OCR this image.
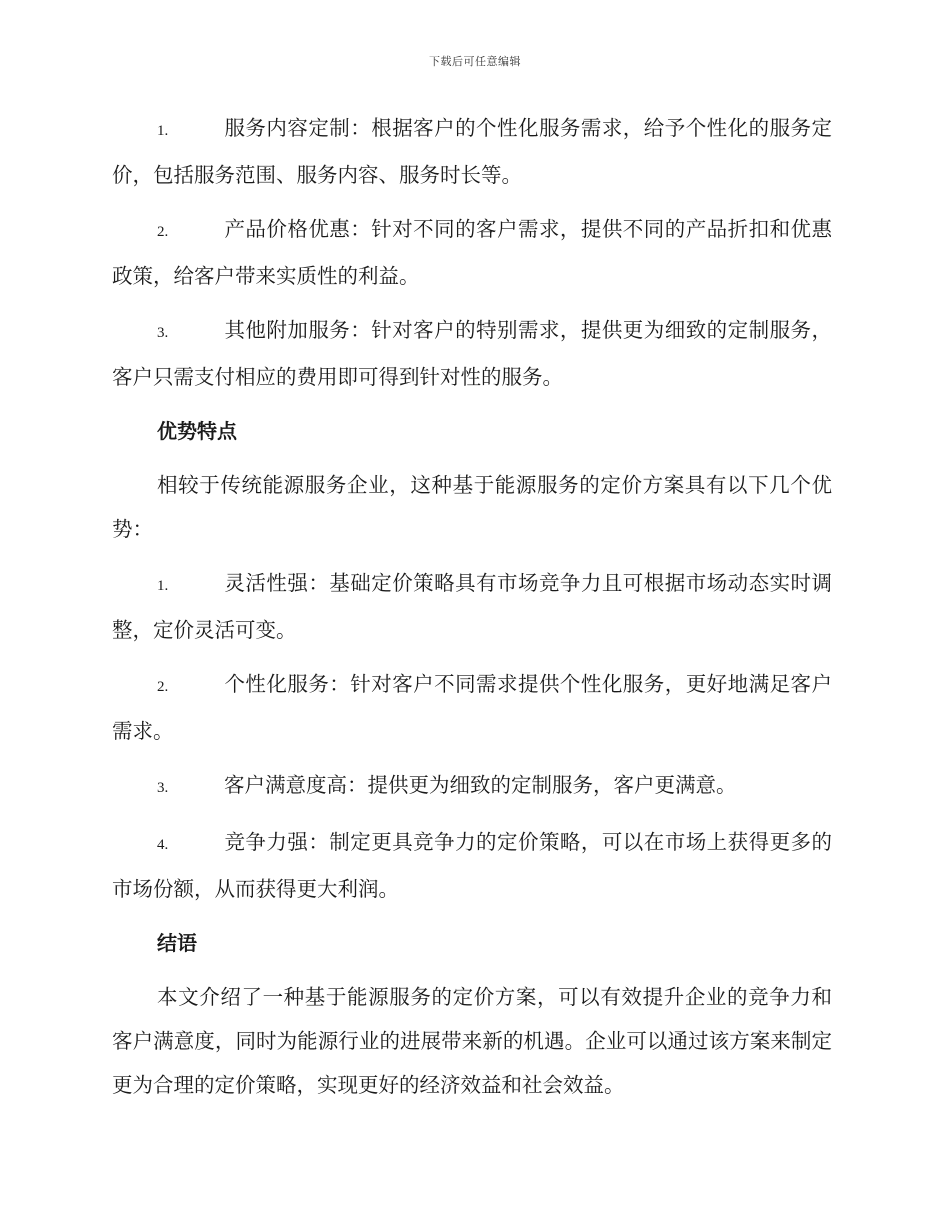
下载后可任意编辑

1.	服务内容定制：根据客户的个性化服务需求，给予个性化的服务定价，包括服务范围、服务内容、服务时长等。

2.	产品价格优惠：针对不同的客户需求，提供不同的产品折扣和优惠政策，给客户带来实质性的利益。

3.	其他附加服务：针对客户的特别需求，提供更为细致的定制服务，客户只需支付相应的费用即可得到针对性的服务。

优势特点

相较于传统能源服务企业，这种基于能源服务的定价方案具有以下几个优势：

1.	灵活性强：基础定价策略具有市场竞争力且可根据市场动态实时调整，定价灵活可变。

2.	个性化服务：针对客户不同需求提供个性化服务，更好地满足客户需求。

3.	客户满意度高：提供更为细致的定制服务，客户更满意。

4.	竞争力强：制定更具竞争力的定价策略，可以在市场上获得更多的市场份额，从而获得更大利润。

结语

本文介绍了一种基于能源服务的定价方案，可以有效提升企业的竞争力和客户满意度，同时为能源行业的进展带来新的机遇。企业可以通过该方案来制定更为合理的定价策略，实现更好的经济效益和社会效益。
